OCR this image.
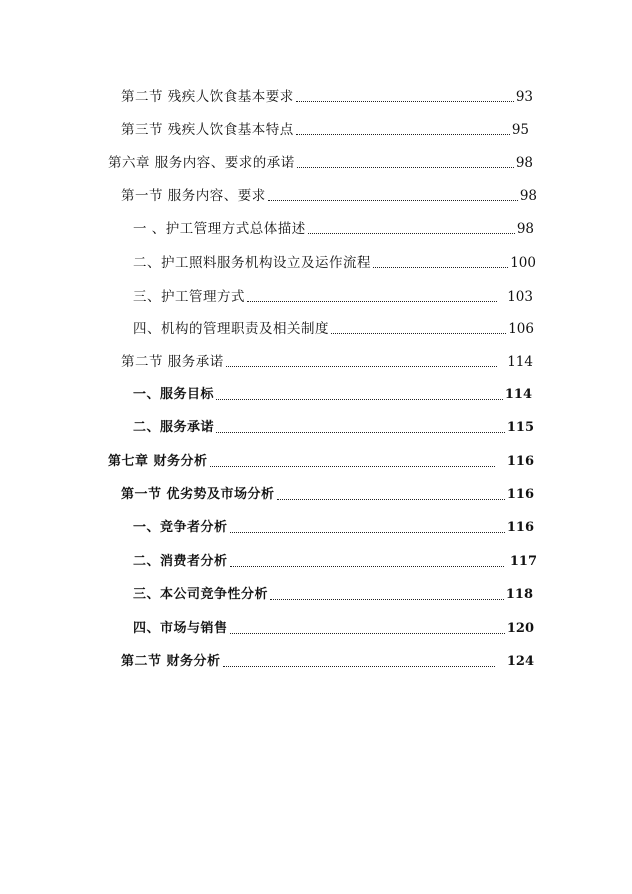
第二节 残疾人饮食基本要求	93
第三节 残疾人饮食基本特点	95
第六章 服务内容、要求的承诺	98
第一节 服务内容、要求	98
一 、护工管理方式总体描述	98
二、护工照料服务机构设立及运作流程	100
三、护工管理方式	103
四、机构的管理职责及相关制度	106
第二节 服务承诺	114
一、服务目标	114
二、服务承诺	115
第七章 财务分析	116
第一节 优劣势及市场分析	116
一、竞争者分析	116
二、消费者分析	117
三、本公司竞争性分析	118
四、市场与销售	120
第二节 财务分析	124
